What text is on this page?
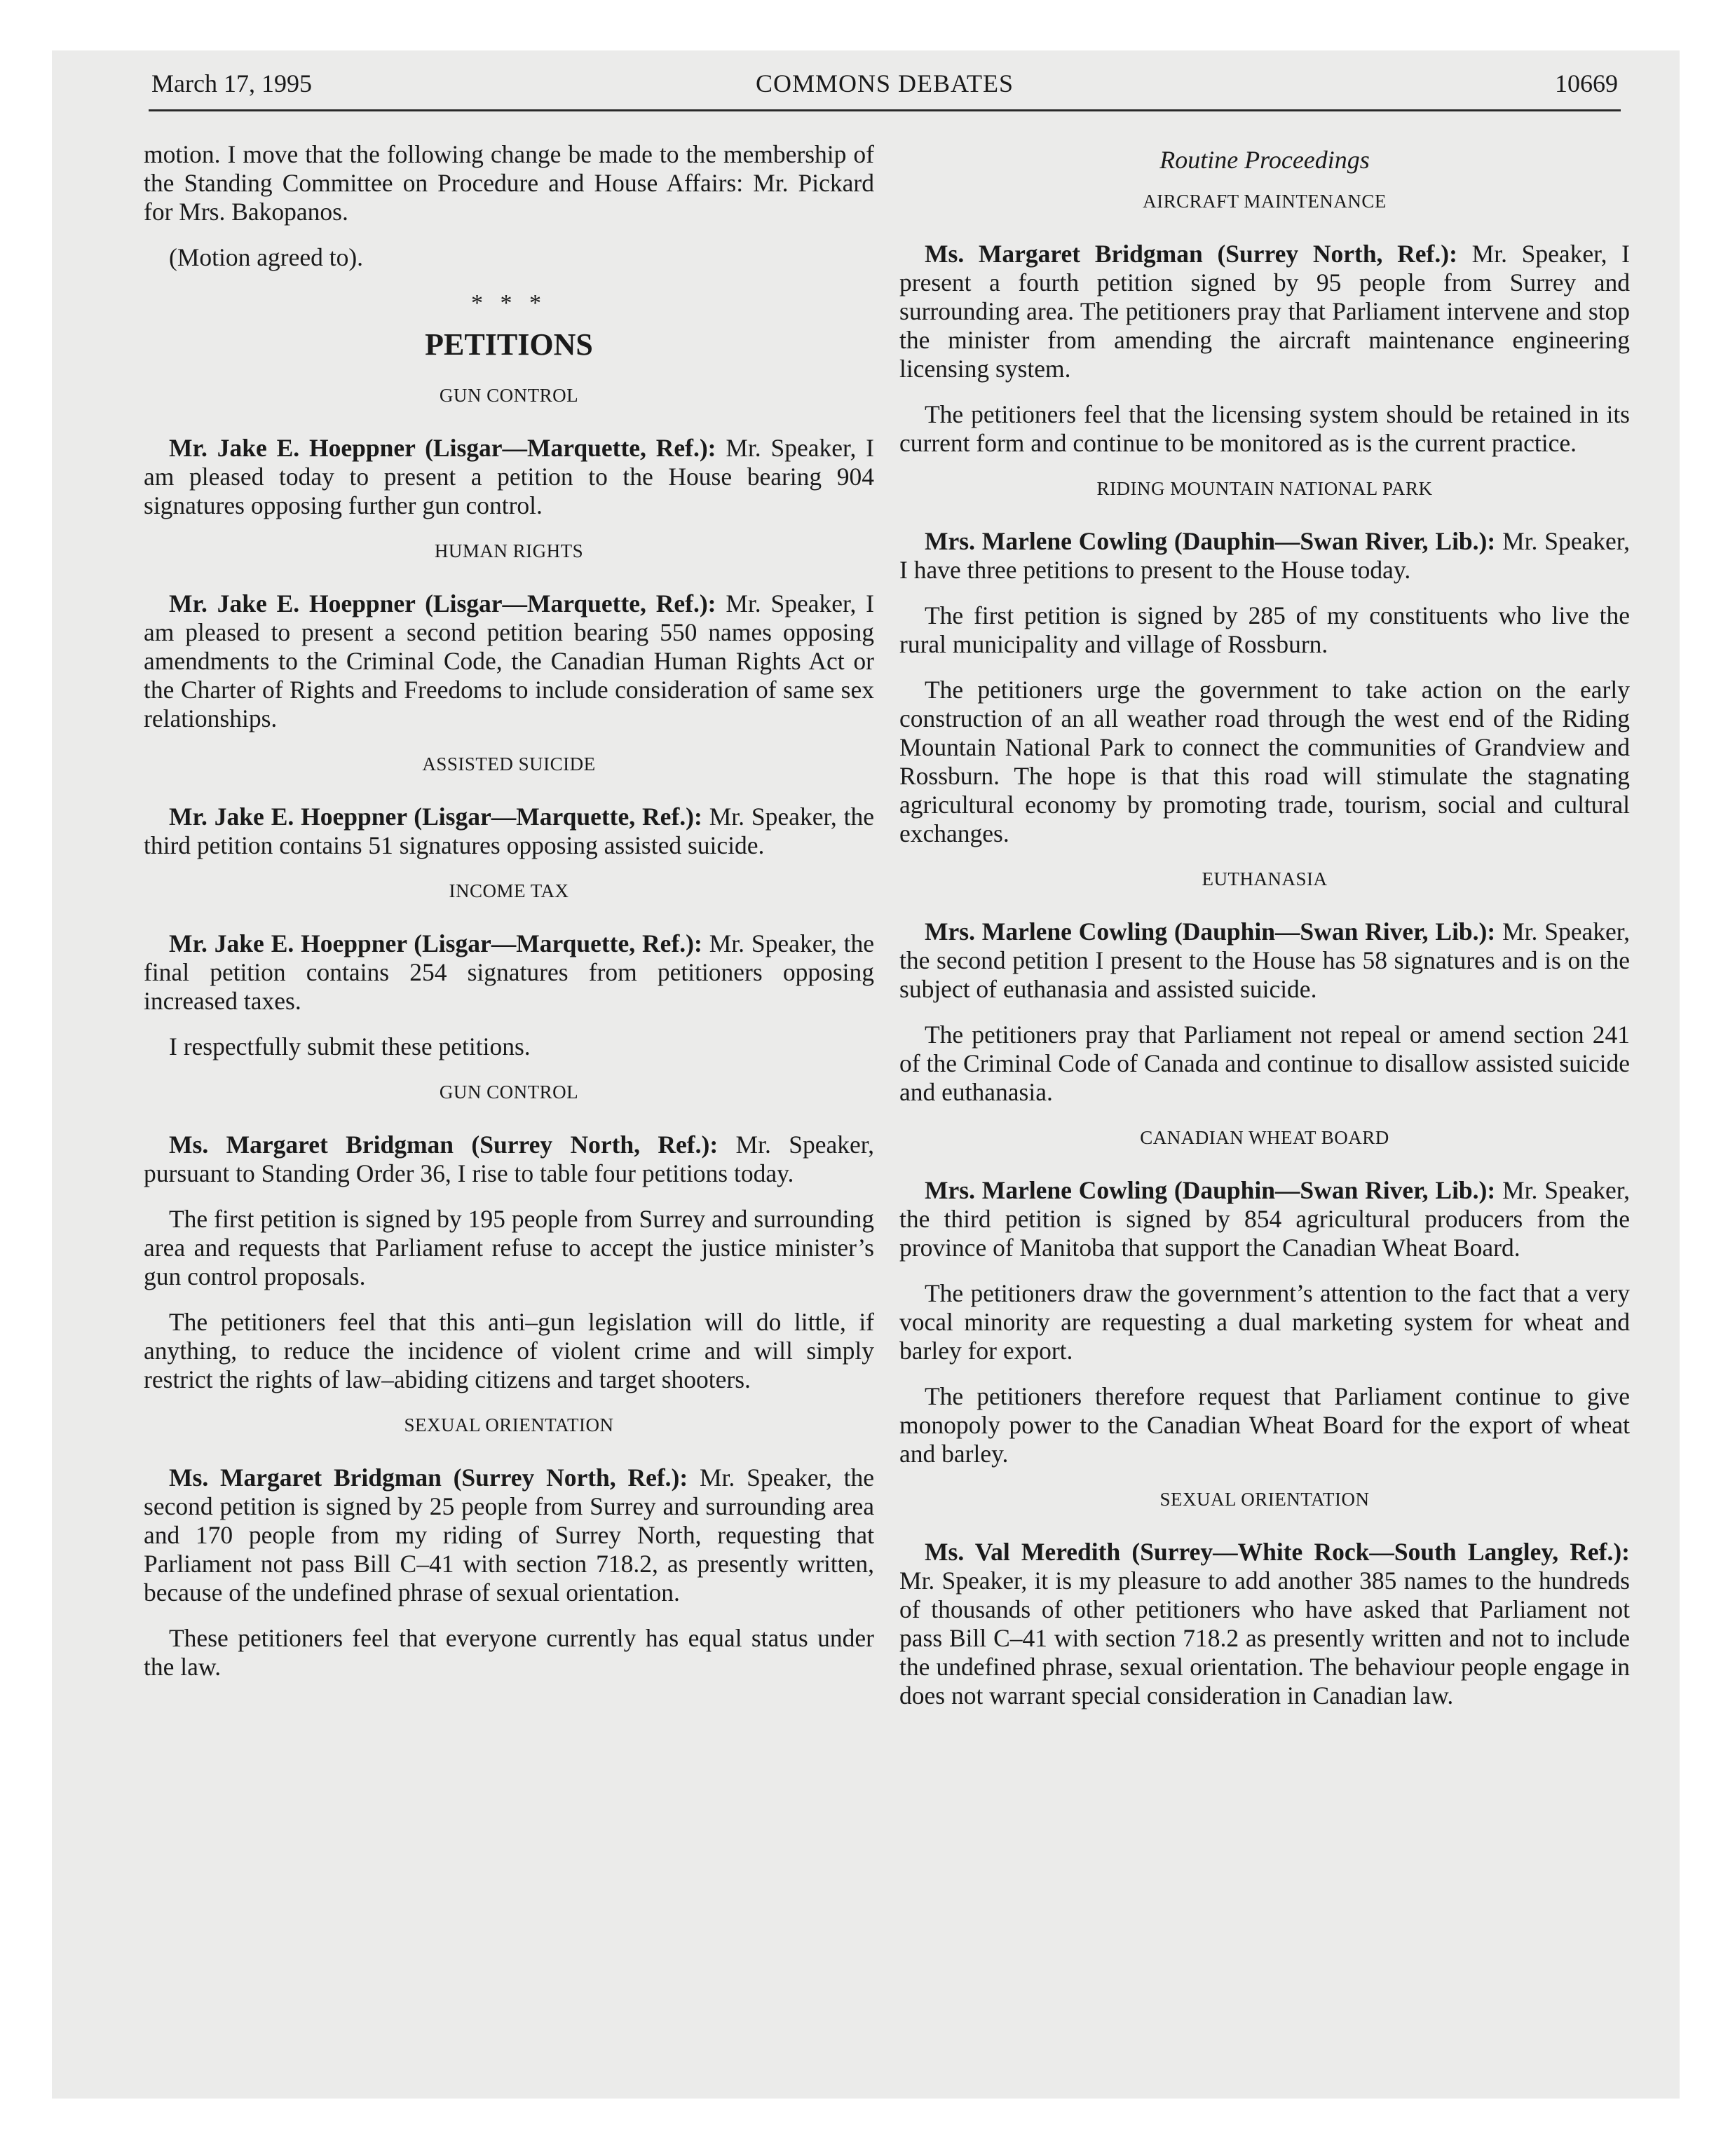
March 17, 1995	COMMONS DEBATES	10669

motion. I move that the following change be made to the membership of the Standing Committee on Procedure and House Affairs: Mr. Pickard for Mrs. Bakopanos.

(Motion agreed to).

* * *
PETITIONS
GUN CONTROL

Mr. Jake E. Hoeppner (Lisgar—Marquette, Ref.): Mr. Speaker, I am pleased today to present a petition to the House bearing 904 signatures opposing further gun control.

HUMAN RIGHTS

Mr. Jake E. Hoeppner (Lisgar—Marquette, Ref.): Mr. Speaker, I am pleased to present a second petition bearing 550 names opposing amendments to the Criminal Code, the Canadian Human Rights Act or the Charter of Rights and Freedoms to include consideration of same sex relationships.

ASSISTED SUICIDE

Mr. Jake E. Hoeppner (Lisgar—Marquette, Ref.): Mr. Speaker, the third petition contains 51 signatures opposing assisted suicide.

INCOME TAX

Mr. Jake E. Hoeppner (Lisgar—Marquette, Ref.): Mr. Speaker, the final petition contains 254 signatures from petitioners opposing increased taxes.

I respectfully submit these petitions.

GUN CONTROL

Ms. Margaret Bridgman (Surrey North, Ref.): Mr. Speaker, pursuant to Standing Order 36, I rise to table four petitions today.

The first petition is signed by 195 people from Surrey and surrounding area and requests that Parliament refuse to accept the justice minister’s gun control proposals.

The petitioners feel that this anti–gun legislation will do little, if anything, to reduce the incidence of violent crime and will simply restrict the rights of law–abiding citizens and target shooters.

SEXUAL ORIENTATION

Ms. Margaret Bridgman (Surrey North, Ref.): Mr. Speaker, the second petition is signed by 25 people from Surrey and surrounding area and 170 people from my riding of Surrey North, requesting that Parliament not pass Bill C–41 with section 718.2, as presently written, because of the undefined phrase of sexual orientation.

These petitioners feel that everyone currently has equal status under the law.

Routine Proceedings
AIRCRAFT MAINTENANCE

Ms. Margaret Bridgman (Surrey North, Ref.): Mr. Speaker, I present a fourth petition signed by 95 people from Surrey and surrounding area. The petitioners pray that Parliament intervene and stop the minister from amending the aircraft maintenance engineering licensing system.

The petitioners feel that the licensing system should be retained in its current form and continue to be monitored as is the current practice.

RIDING MOUNTAIN NATIONAL PARK

Mrs. Marlene Cowling (Dauphin—Swan River, Lib.): Mr. Speaker, I have three petitions to present to the House today.

The first petition is signed by 285 of my constituents who live the rural municipality and village of Rossburn.

The petitioners urge the government to take action on the early construction of an all weather road through the west end of the Riding Mountain National Park to connect the communities of Grandview and Rossburn. The hope is that this road will stimulate the stagnating agricultural economy by promoting trade, tourism, social and cultural exchanges.

EUTHANASIA

Mrs. Marlene Cowling (Dauphin—Swan River, Lib.): Mr. Speaker, the second petition I present to the House has 58 signatures and is on the subject of euthanasia and assisted suicide.

The petitioners pray that Parliament not repeal or amend section 241 of the Criminal Code of Canada and continue to disallow assisted suicide and euthanasia.

CANADIAN WHEAT BOARD

Mrs. Marlene Cowling (Dauphin—Swan River, Lib.): Mr. Speaker, the third petition is signed by 854 agricultural producers from the province of Manitoba that support the Canadian Wheat Board.

The petitioners draw the government’s attention to the fact that a very vocal minority are requesting a dual marketing system for wheat and barley for export.

The petitioners therefore request that Parliament continue to give monopoly power to the Canadian Wheat Board for the export of wheat and barley.

SEXUAL ORIENTATION

Ms. Val Meredith (Surrey—White Rock—South Langley, Ref.): Mr. Speaker, it is my pleasure to add another 385 names to the hundreds of thousands of other petitioners who have asked that Parliament not pass Bill C–41 with section 718.2 as presently written and not to include the undefined phrase, sexual orientation. The behaviour people engage in does not warrant special consideration in Canadian law.
